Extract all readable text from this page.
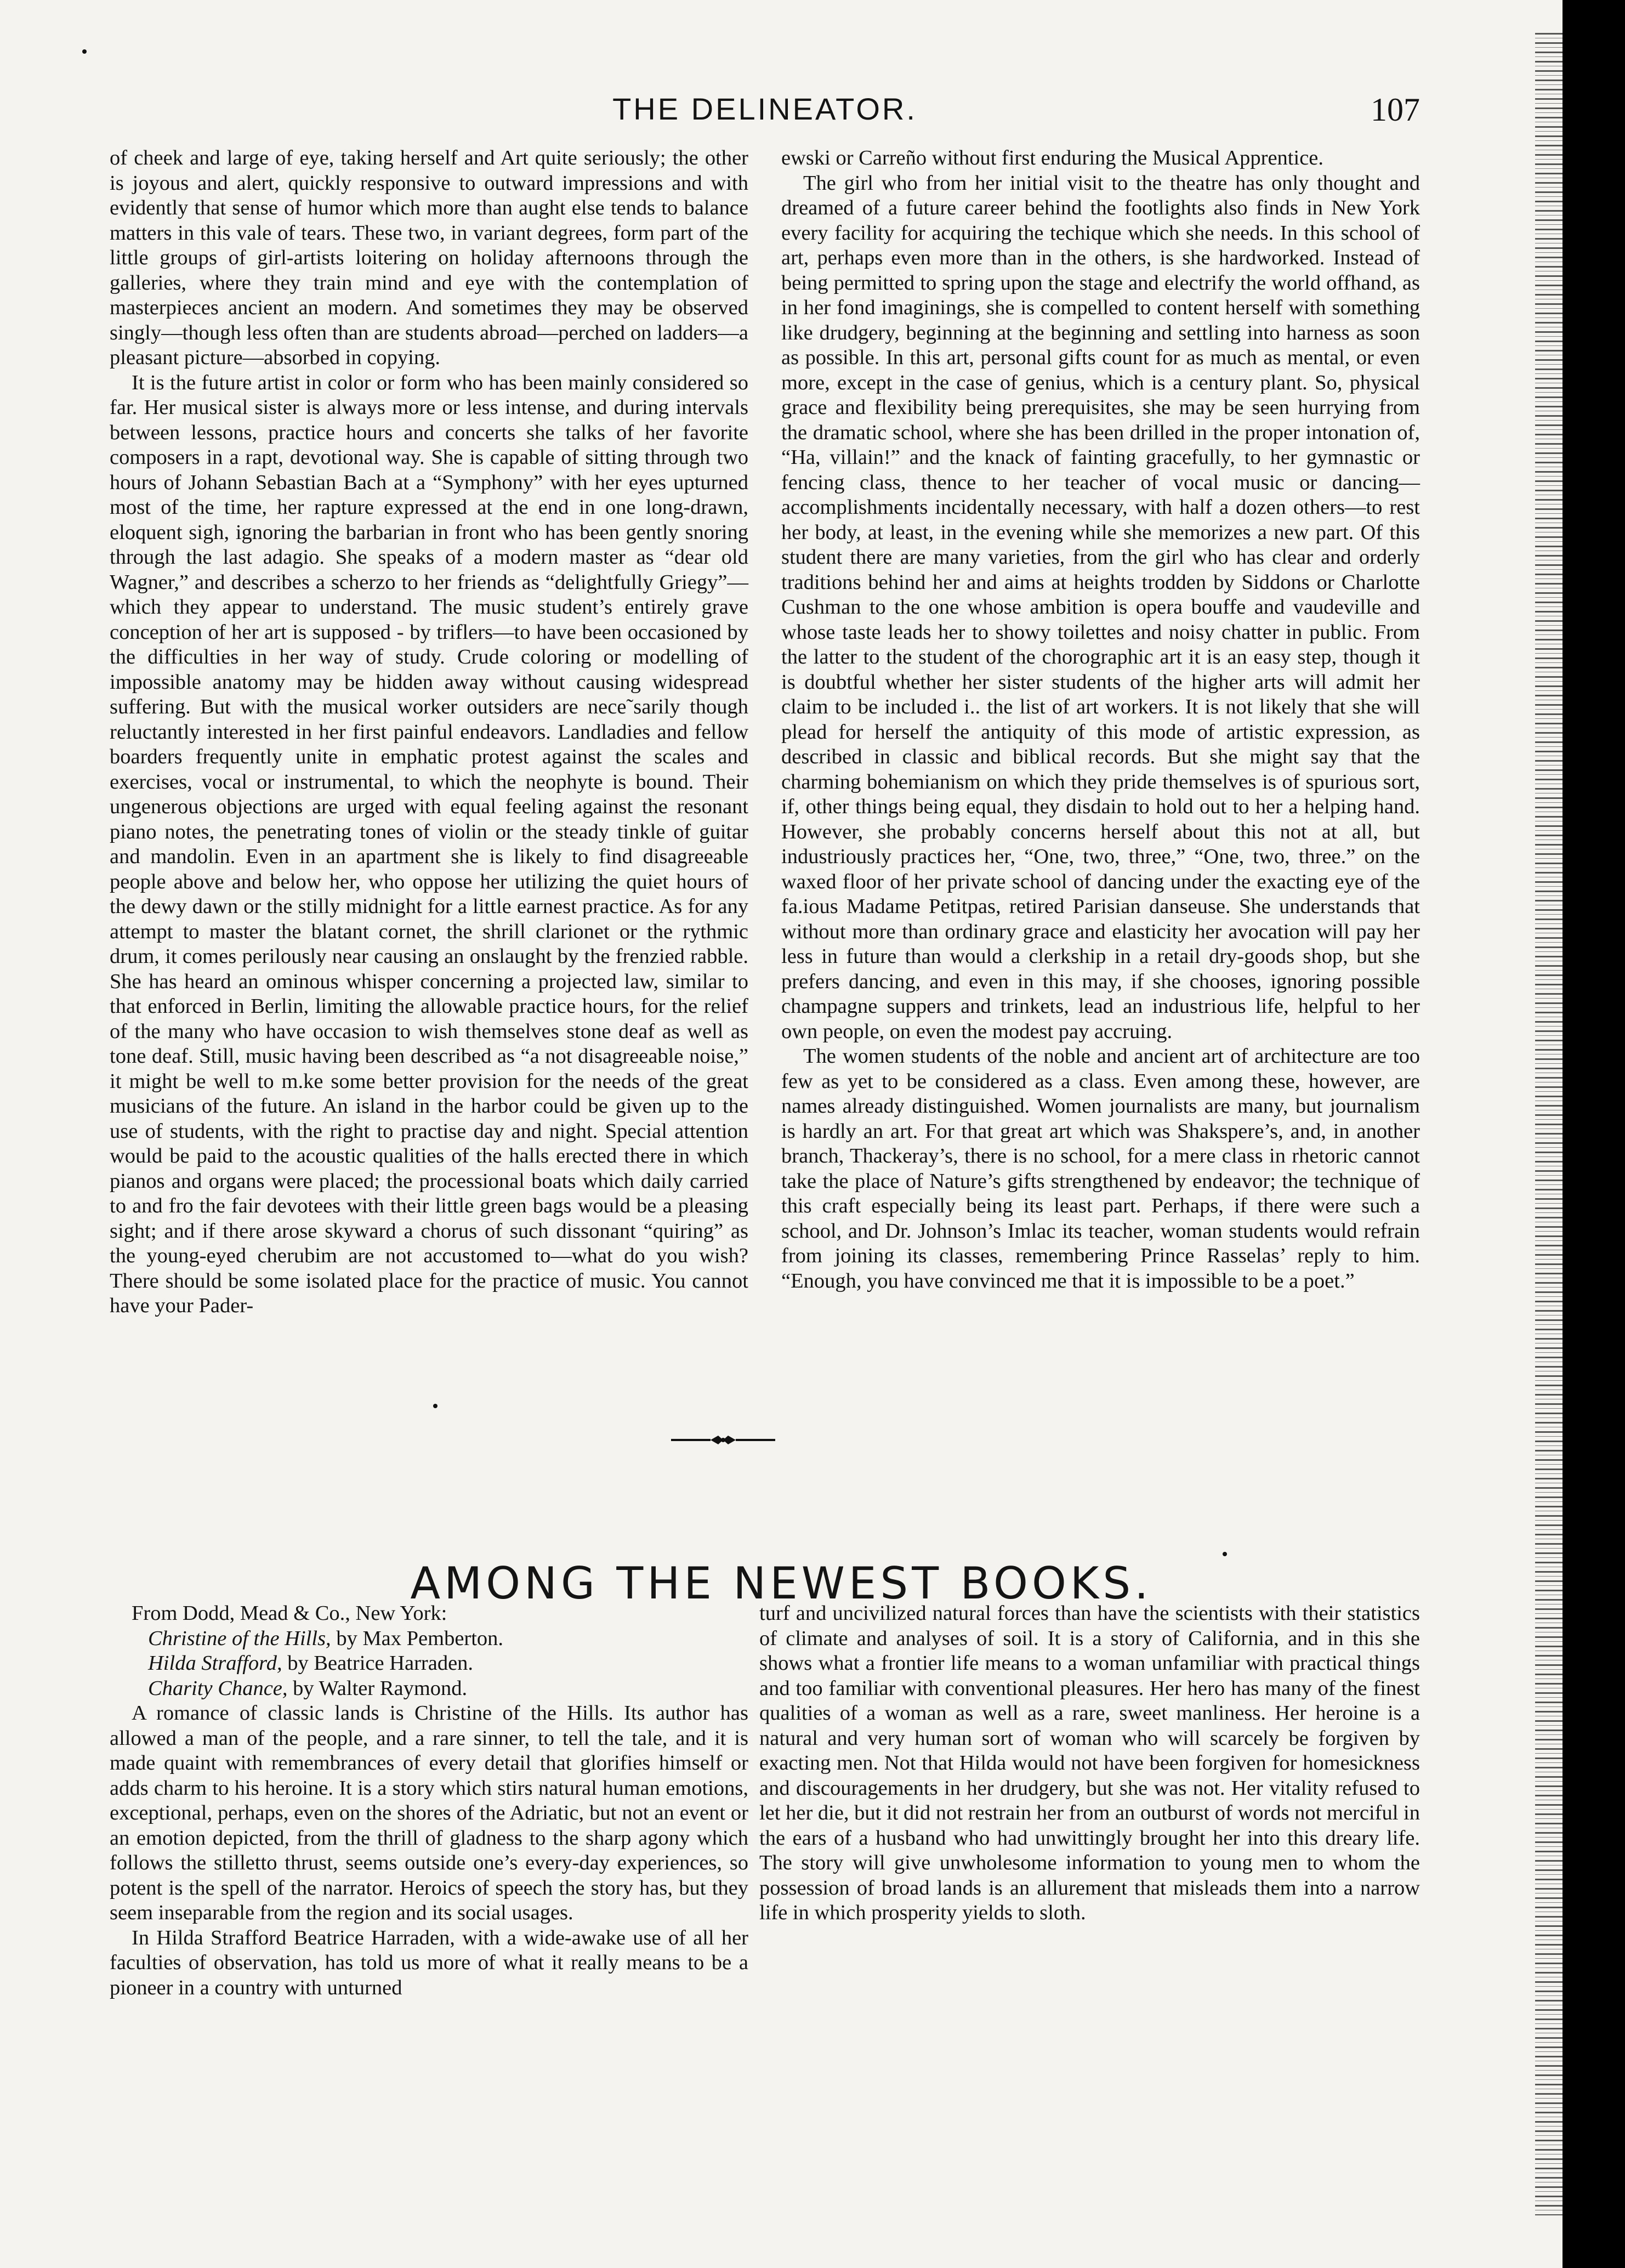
THE DELINEATOR.	107

of cheek and large of eye, taking herself and Art quite seriously; the other is joyous and alert, quickly responsive to outward impressions and with evidently that sense of humor which more than aught else tends to balance matters in this vale of tears. These two, in variant degrees, form part of the little groups of girl-artists loitering on holiday afternoons through the galleries, where they train mind and eye with the contemplation of masterpieces ancient an modern. And sometimes they may be observed singly—though less often than are students abroad—perched on ladders—a pleasant picture—absorbed in copying.

It is the future artist in color or form who has been mainly considered so far. Her musical sister is always more or less intense, and during intervals between lessons, practice hours and concerts she talks of her favorite composers in a rapt, devotional way. She is capable of sitting through two hours of Johann Sebastian Bach at a “Symphony” with her eyes upturned most of the time, her rapture expressed at the end in one long-drawn, eloquent sigh, ignoring the barbarian in front who has been gently snoring through the last adagio. She speaks of a modern master as “dear old Wagner,” and describes a scherzo to her friends as “delightfully Griegy”—which they appear to understand. The music student’s entirely grave conception of her art is supposed - by triflers—to have been occasioned by the difficulties in her way of study. Crude coloring or modelling of impossible anatomy may be hidden away without causing widespread suffering. But with the musical worker outsiders are nece˜sarily though reluctantly interested in her first painful endeavors. Landladies and fellow boarders frequently unite in emphatic protest against the scales and exercises, vocal or instrumental, to which the neophyte is bound. Their ungenerous objections are urged with equal feeling against the resonant piano notes, the penetrating tones of violin or the steady tinkle of guitar and mandolin. Even in an apartment she is likely to find disagreeable people above and below her, who oppose her utilizing the quiet hours of the dewy dawn or the stilly midnight for a little earnest practice. As for any attempt to master the blatant cornet, the shrill clarionet or the rythmic drum, it comes perilously near causing an onslaught by the frenzied rabble. She has heard an ominous whisper concerning a projected law, similar to that enforced in Berlin, limiting the allowable practice hours, for the relief of the many who have occasion to wish themselves stone deaf as well as tone deaf. Still, music having been described as “a not disagreeable noise,” it might be well to m.ke some better provision for the needs of the great musicians of the future. An island in the harbor could be given up to the use of students, with the right to practise day and night. Special attention would be paid to the acoustic qualities of the halls erected there in which pianos and organs were placed; the processional boats which daily carried to and fro the fair devotees with their little green bags would be a pleasing sight; and if there arose skyward a chorus of such dissonant “quiring” as the young-eyed cherubim are not accustomed to—what do you wish? There should be some isolated place for the practice of music. You cannot have your Pader-

ewski or Carreño without first enduring the Musical Apprentice.

The girl who from her initial visit to the theatre has only thought and dreamed of a future career behind the footlights also finds in New York every facility for acquiring the techique which she needs. In this school of art, perhaps even more than in the others, is she hardworked. Instead of being permitted to spring upon the stage and electrify the world offhand, as in her fond imaginings, she is compelled to content herself with something like drudgery, beginning at the beginning and settling into harness as soon as possible. In this art, personal gifts count for as much as mental, or even more, except in the case of genius, which is a century plant. So, physical grace and flexibility being prerequisites, she may be seen hurrying from the dramatic school, where she has been drilled in the proper intonation of, “Ha, villain!” and the knack of fainting gracefully, to her gymnastic or fencing class, thence to her teacher of vocal music or dancing—accomplishments incidentally necessary, with half a dozen others—to rest her body, at least, in the evening while she memorizes a new part. Of this student there are many varieties, from the girl who has clear and orderly traditions behind her and aims at heights trodden by Siddons or Charlotte Cushman to the one whose ambition is opera bouffe and vaudeville and whose taste leads her to showy toilettes and noisy chatter in public. From the latter to the student of the chorographic art it is an easy step, though it is doubtful whether her sister students of the higher arts will admit her claim to be included i.. the list of art workers. It is not likely that she will plead for herself the antiquity of this mode of artistic expression, as described in classic and biblical records. But she might say that the charming bohemianism on which they pride themselves is of spurious sort, if, other things being equal, they disdain to hold out to her a helping hand. However, she probably concerns herself about this not at all, but industriously practices her, “One, two, three,” “One, two, three.” on the waxed floor of her private school of dancing under the exacting eye of the fa.ious Madame Petitpas, retired Parisian danseuse. She understands that without more than ordinary grace and elasticity her avocation will pay her less in future than would a clerkship in a retail dry-goods shop, but she prefers dancing, and even in this may, if she chooses, ignoring possible champagne suppers and trinkets, lead an industrious life, helpful to her own people, on even the modest pay accruing.

The women students of the noble and ancient art of architecture are too few as yet to be considered as a class. Even among these, however, are names already distinguished. Women journalists are many, but journalism is hardly an art. For that great art which was Shakspere’s, and, in another branch, Thackeray’s, there is no school, for a mere class in rhetoric cannot take the place of Nature’s gifts strengthened by endeavor; the technique of this craft especially being its least part. Perhaps, if there were such a school, and Dr. Johnson’s Imlac its teacher, woman students would refrain from joining its classes, remembering Prince Rasselas’ reply to him. “Enough, you have convinced me that it is impossible to be a poet.”

AMONG THE NEWEST BOOKS.

From Dodd, Mead & Co., New York:

Christine of the Hills, by Max Pemberton.

Hilda Strafford, by Beatrice Harraden.

Charity Chance, by Walter Raymond.

A romance of classic lands is Christine of the Hills. Its author has allowed a man of the people, and a rare sinner, to tell the tale, and it is made quaint with remembrances of every detail that glorifies himself or adds charm to his heroine. It is a story which stirs natural human emotions, exceptional, perhaps, even on the shores of the Adriatic, but not an event or an emotion depicted, from the thrill of gladness to the sharp agony which follows the stilletto thrust, seems outside one’s every-day experiences, so potent is the spell of the narrator. Heroics of speech the story has, but they seem inseparable from the region and its social usages.

In Hilda Strafford Beatrice Harraden, with a wide-awake use of all her faculties of observation, has told us more of what it really means to be a pioneer in a country with unturned

turf and uncivilized natural forces than have the scientists with their statistics of climate and analyses of soil. It is a story of California, and in this she shows what a frontier life means to a woman unfamiliar with practical things and too familiar with conventional pleasures. Her hero has many of the finest qualities of a woman as well as a rare, sweet manliness. Her heroine is a natural and very human sort of woman who will scarcely be forgiven by exacting men. Not that Hilda would not have been forgiven for homesickness and discouragements in her drudgery, but she was not. Her vitality refused to let her die, but it did not restrain her from an outburst of words not merciful in the ears of a husband who had unwittingly brought her into this dreary life. The story will give unwholesome information to young men to whom the possession of broad lands is an allurement that misleads them into a narrow life in which prosperity yields to sloth.
